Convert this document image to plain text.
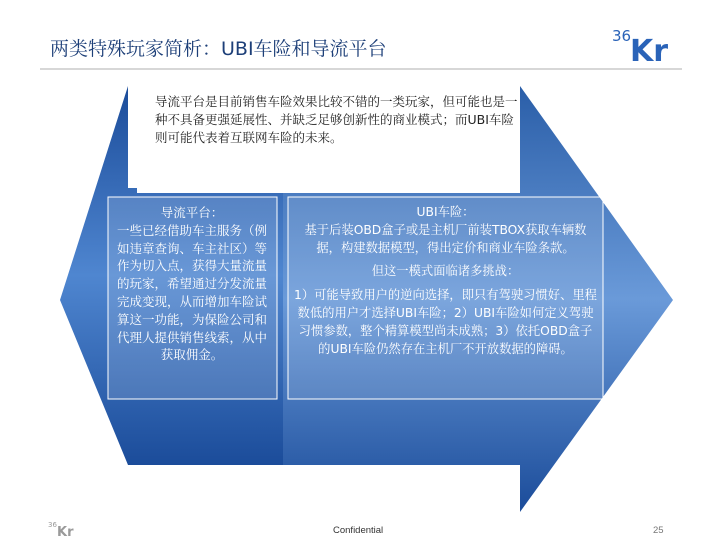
两类特殊玩家简析：UBI车险和导流平台
36
Kr
导流平台是目前销售车险效果比较不错的一类玩家，但可能也是一种不具备更强延展性、并缺乏足够创新性的商业模式；而UBI车险则可能代表着互联网车险的未来。
导流平台：
一些已经借助车主服务（例如违章查询、车主社区）等作为切入点，获得大量流量的玩家，希望通过分发流量完成变现，从而增加车险试算这一功能，为保险公司和代理人提供销售线索，从中获取佣金。
UBI车险：
基于后装OBD盒子或是主机厂前装TBOX获取车辆数据，构建数据模型，得出定价和商业车险条款。
但这一模式面临诸多挑战：
1）可能导致用户的逆向选择，即只有驾驶习惯好、里程数低的用户才选择UBI车险；2）UBI车险如何定义驾驶习惯参数，整个精算模型尚未成熟；3）依托OBD盒子的UBI车险仍然存在主机厂不开放数据的障碍。
36 Kr	Confidential	25
